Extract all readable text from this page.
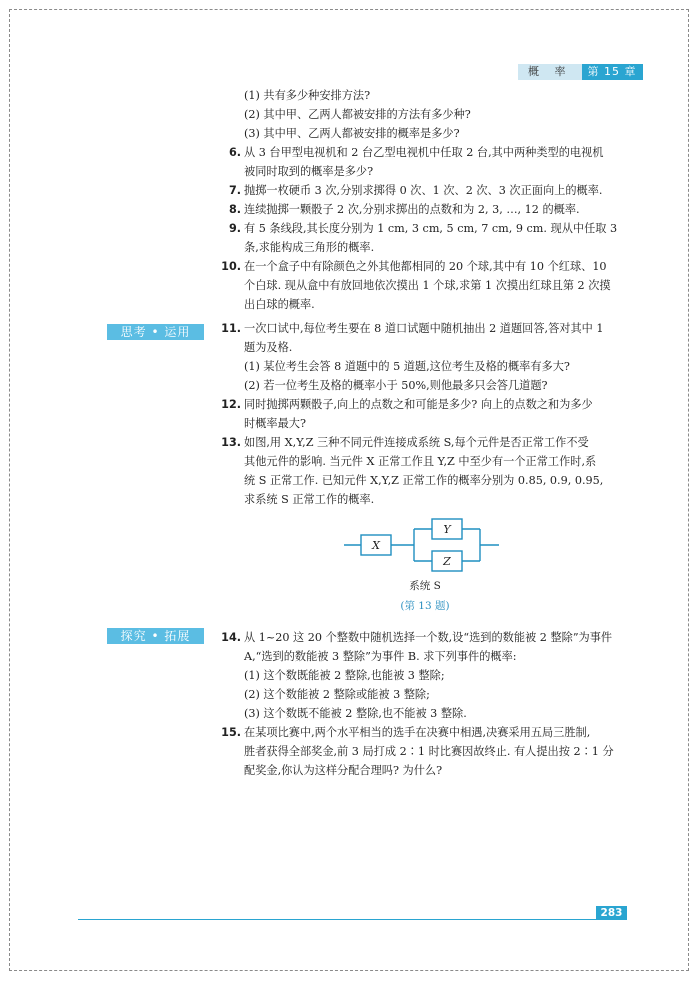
概 率	第 15 章
思考 • 运用
探究 • 拓展
(1) 共有多少种安排方法?
(2) 其中甲、乙两人都被安排的方法有多少种?
(3) 其中甲、乙两人都被安排的概率是多少?
6. 从 3 台甲型电视机和 2 台乙型电视机中任取 2 台,其中两种类型的电视机
被同时取到的概率是多少?
7. 抛掷一枚硬币 3 次,分别求掷得 0 次、1 次、2 次、3 次正面向上的概率.
8. 连续抛掷一颗骰子 2 次,分别求掷出的点数和为 2, 3, …, 12 的概率.
9. 有 5 条线段,其长度分别为 1 cm, 3 cm, 5 cm, 7 cm, 9 cm. 现从中任取 3
条,求能构成三角形的概率.
10. 在一个盒子中有除颜色之外其他都相同的 20 个球,其中有 10 个红球、10
个白球. 现从盒中有放回地依次摸出 1 个球,求第 1 次摸出红球且第 2 次摸
出白球的概率.
11. 一次口试中,每位考生要在 8 道口试题中随机抽出 2 道题回答,答对其中 1
题为及格.
(1) 某位考生会答 8 道题中的 5 道题,这位考生及格的概率有多大?
(2) 若一位考生及格的概率小于 50%,则他最多只会答几道题?
12. 同时抛掷两颗骰子,向上的点数之和可能是多少? 向上的点数之和为多少
时概率最大?
13. 如图,用 X,Y,Z 三种不同元件连接成系统 S,每个元件是否正常工作不受
其他元件的影响. 当元件 X 正常工作且 Y,Z 中至少有一个正常工作时,系
统 S 正常工作. 已知元件 X,Y,Z 正常工作的概率分别为 0.85, 0.9, 0.95,
求系统 S 正常工作的概率.
X
Y
Z
系统 S
(第 13 题)
14. 从 1~20 这 20 个整数中随机选择一个数,设“选到的数能被 2 整除”为事件
A,“选到的数能被 3 整除”为事件 B. 求下列事件的概率:
(1) 这个数既能被 2 整除,也能被 3 整除;
(2) 这个数能被 2 整除或能被 3 整除;
(3) 这个数既不能被 2 整除,也不能被 3 整除.
15. 在某项比赛中,两个水平相当的选手在决赛中相遇,决赛采用五局三胜制,
胜者获得全部奖金,前 3 局打成 2∶1 时比赛因故终止. 有人提出按 2∶1 分
配奖金,你认为这样分配合理吗? 为什么?
283
